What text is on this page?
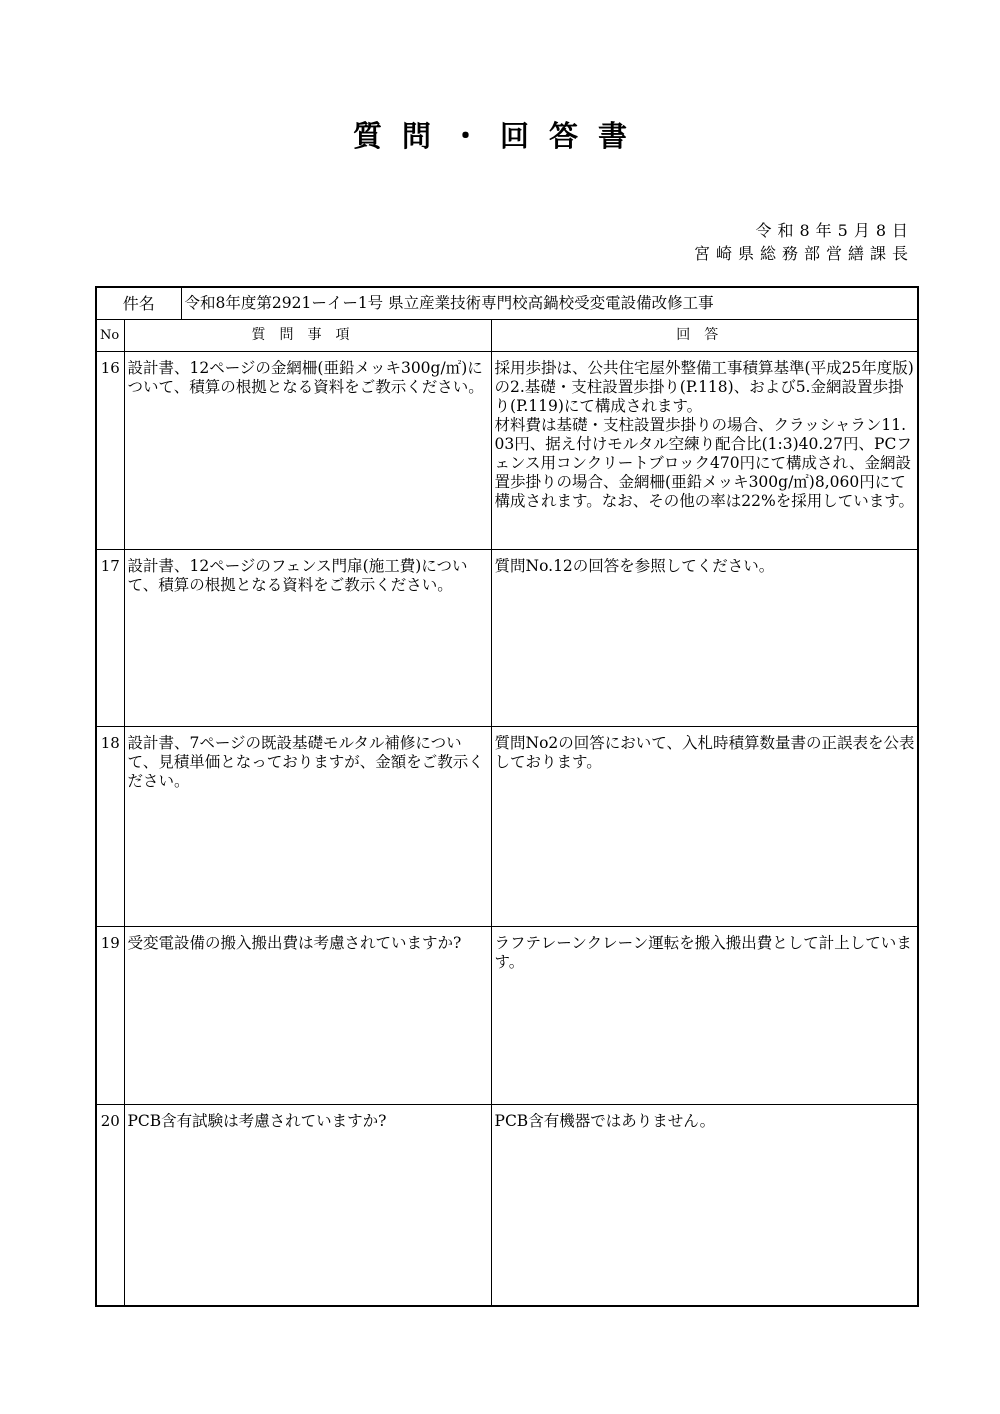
質問・回答書
令和8年5月8日
宮崎県総務部営繕課長
件名		令和8年度第2921ーイー1号 県立産業技術専門校高鍋校受変電設備改修工事	
No	質問事項		回答
16	設計書、12ページの金網柵(亜鉛メッキ300g/㎡)について、積算の根拠となる資料をご教示ください。		採用歩掛は、公共住宅屋外整備工事積算基準(平成25年度版)の2.基礎・支柱設置歩掛り(P.118)、および5.金網設置歩掛り(P.119)にて構成されます。
材料費は基礎・支柱設置歩掛りの場合、クラッシャラン11.03円、据え付けモルタル空練り配合比(1:3)40.27円、PCフェンス用コンクリートブロック470円にて構成され、金網設置歩掛りの場合、金網柵(亜鉛メッキ300g/㎡)8,060円にて構成されます。なお、その他の率は22%を採用しています。
17	設計書、12ページのフェンス門扉(施工費)について、積算の根拠となる資料をご教示ください。		質問No.12の回答を参照してください。
18	設計書、7ページの既設基礎モルタル補修について、見積単価となっておりますが、金額をご教示ください。		質問No2の回答において、入札時積算数量書の正誤表を公表しております。
19	受変電設備の搬入搬出費は考慮されていますか?		ラフテレーンクレーン運転を搬入搬出費として計上しています。
20	PCB含有試験は考慮されていますか?		PCB含有機器ではありません。
